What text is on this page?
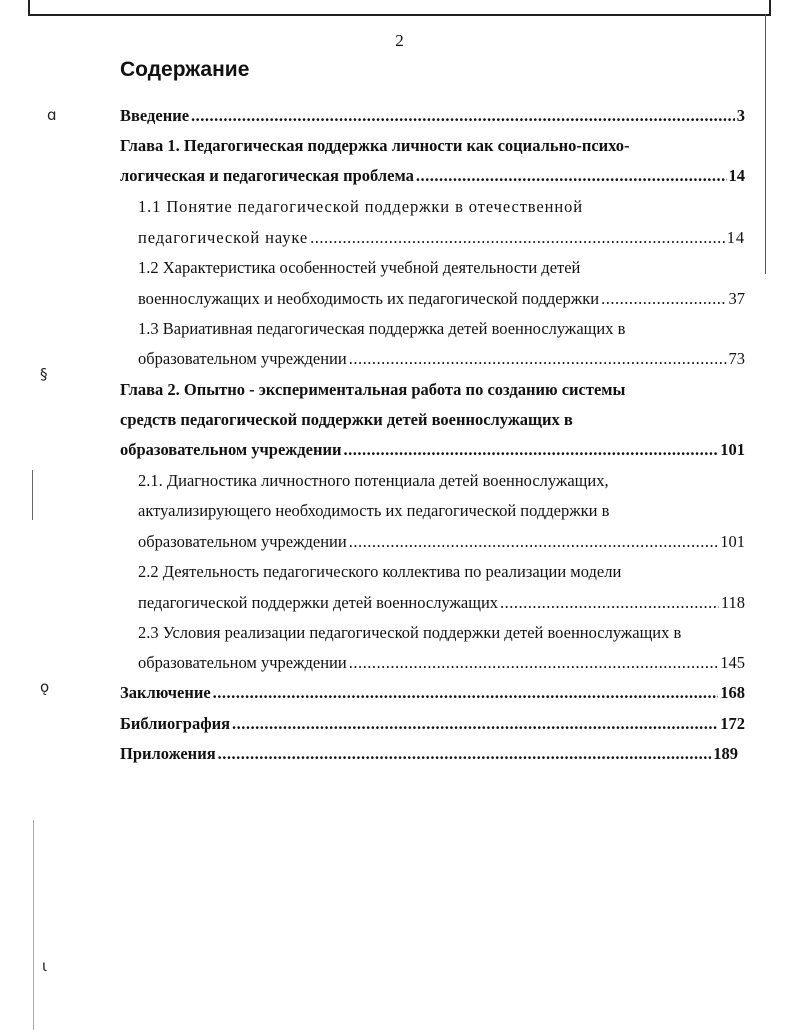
ɑ
§
ǫ
ɩ
2
Содержание
Введение .....	3
Глава 1. Педагогическая поддержка личности как социально-психо-
логическая и педагогическая проблема .....	14
1.1 Понятие педагогической поддержки в отечественной
педагогической науке .....	14
1.2 Характеристика особенностей учебной деятельности детей
военнослужащих и необходимость их педагогической поддержки .....	37
1.3 Вариативная педагогическая поддержка детей военнослужащих в
образовательном учреждении .....	73
Глава 2. Опытно - экспериментальная работа по созданию системы
средств педагогической поддержки детей военнослужащих в
образовательном учреждении .....	101
2.1. Диагностика личностного потенциала детей военнослужащих,
актуализирующего необходимость их педагогической поддержки в
образовательном учреждении .....	101
2.2 Деятельность педагогического коллектива по реализации модели
педагогической поддержки детей военнослужащих .....	118
2.3 Условия реализации педагогической поддержки детей военнослужащих в
образовательном учреждении .....	145
Заключение .....	168
Библиография .....	172
Приложения .....	189
